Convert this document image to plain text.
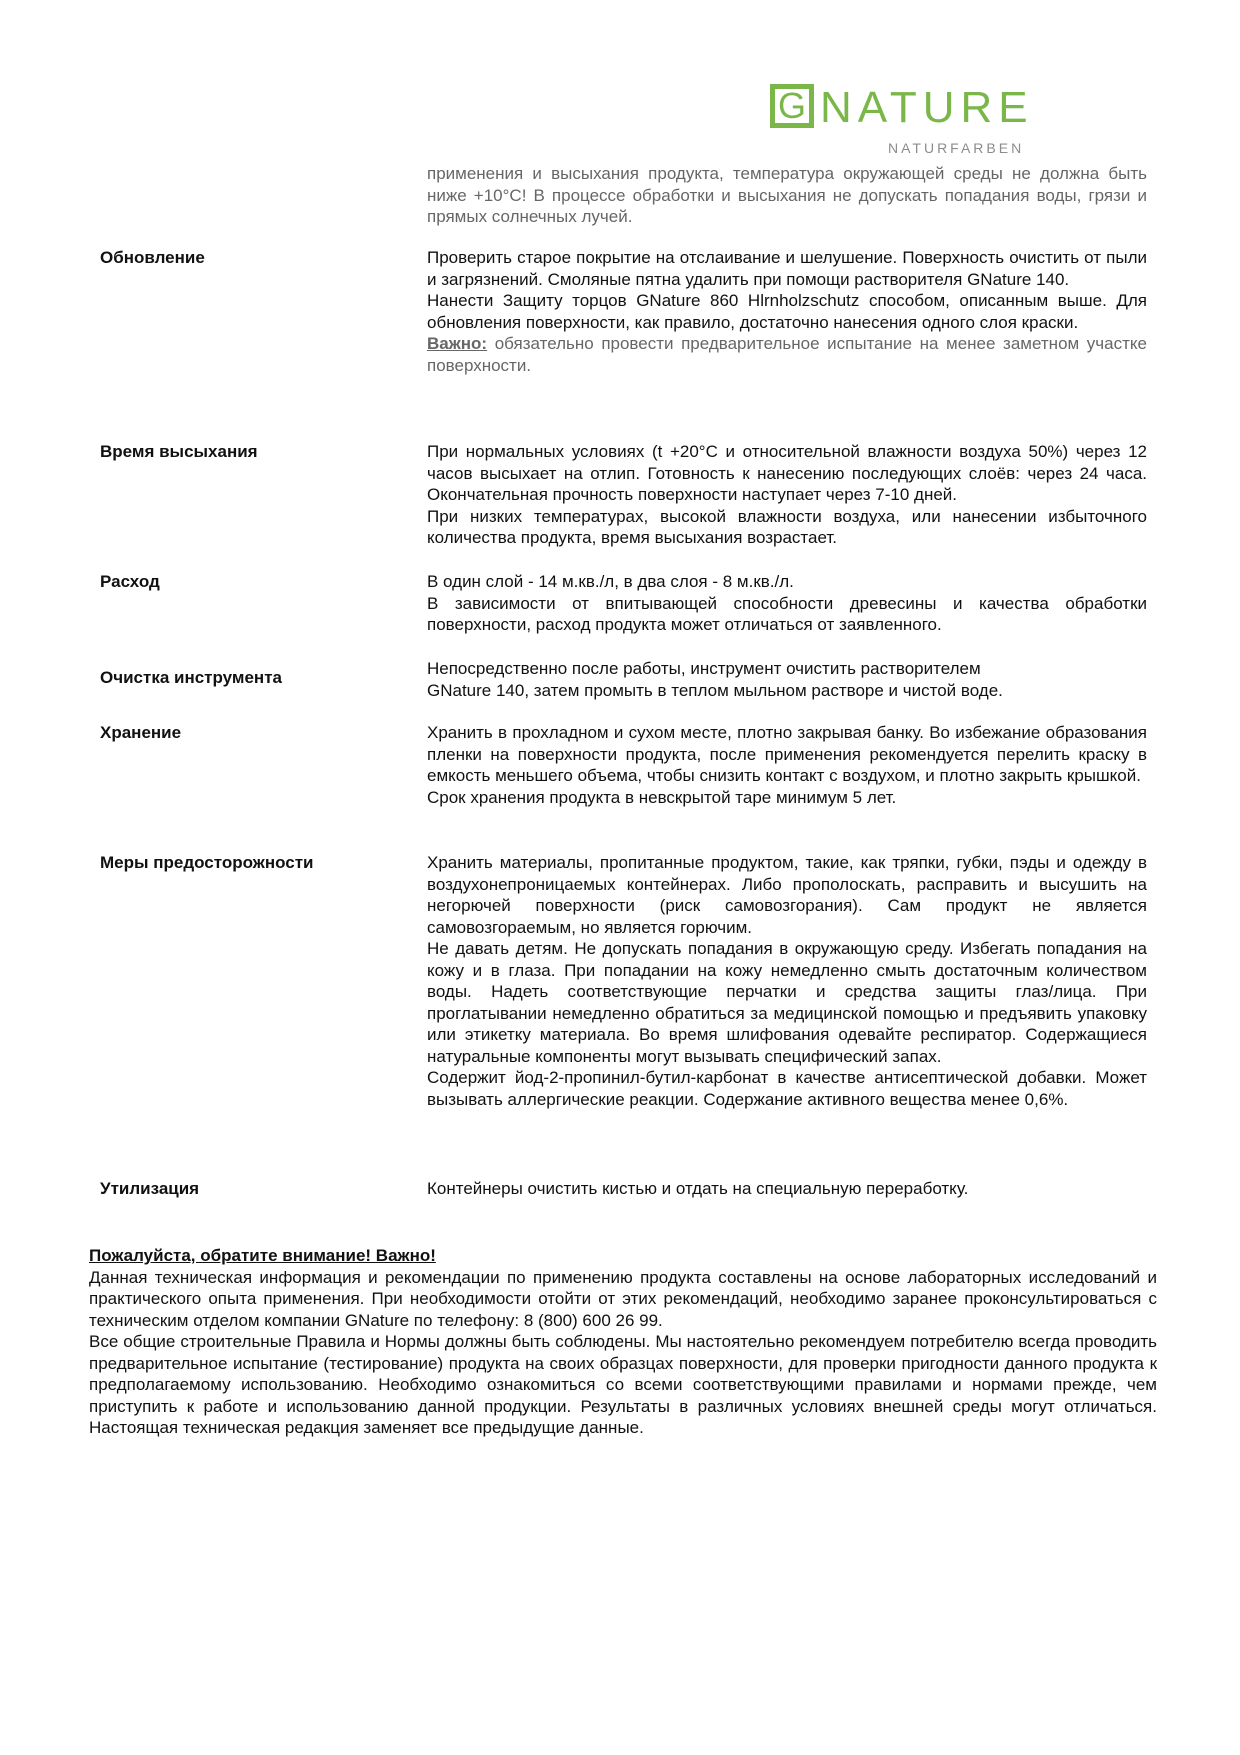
G NATURE
NATURFARBEN
применения и высыхания продукта, температура окружающей среды не должна быть ниже +10°С! В процессе обработки и высыхания не допускать попадания воды, грязи и прямых солнечных лучей.
Обновление	Проверить старое покрытие на отслаивание и шелушение. Поверхность очистить от пыли и загрязнений. Смоляные пятна удалить при помощи растворителя GNature 140.

Нанести Защиту торцов GNature 860 Hlrnholzschutz способом, описанным выше. Для обновления поверхности, как правило, достаточно нанесения одного слоя краски.

Важно: обязательно провести предварительное испытание на менее заметном участке поверхности.

Время высыхания	При нормальных условиях (t +20°С и относительной влажности воздуха 50%) через 12 часов высыхает на отлип. Готовность к нанесению последующих слоёв: через 24 часа. Окончательная прочность поверхности наступает через 7-10 дней.

При низких температурах, высокой влажности воздуха, или нанесении избыточного количества продукта, время высыхания возрастает.

Расход	В один слой - 14 м.кв./л, в два слоя - 8 м.кв./л.

В зависимости от впитывающей способности древесины и качества обработки поверхности, расход продукта может отличаться от заявленного.

Очистка инструмента	Непосредственно после работы, инструмент очистить растворителем

GNature 140, затем промыть в теплом мыльном растворе и чистой воде.

Хранение	Хранить в прохладном и сухом месте, плотно закрывая банку. Во избежание образования пленки на поверхности продукта, после применения рекомендуется перелить краску в емкость меньшего объема, чтобы снизить контакт с воздухом, и плотно закрыть крышкой.

Срок хранения продукта в невскрытой таре минимум 5 лет.

Меры предосторожности	Хранить материалы, пропитанные продуктом, такие, как тряпки, губки, пэды и одежду в воздухонепроницаемых контейнерах. Либо прополоскать, расправить и высушить на негорючей поверхности (риск самовозгорания). Сам продукт не является самовозгораемым, но является горючим.

Не давать детям. Не допускать попадания в окружающую среду. Избегать попадания на кожу и в глаза. При попадании на кожу немедленно смыть достаточным количеством воды. Надеть соответствующие перчатки и средства защиты глаз/лица. При проглатывании немедленно обратиться за медицинской помощью и предъявить упаковку или этикетку материала. Во время шлифования одевайте респиратор. Содержащиеся натуральные компоненты могут вызывать специфический запах.

Содержит йод-2-пропинил-бутил-карбонат в качестве антисептической добавки. Может вызывать аллергические реакции. Содержание активного вещества менее 0,6%.

Утилизация	Контейнеры очистить кистью и отдать на специальную переработку.

Пожалуйста, обратите внимание! Важно!

Данная техническая информация и рекомендации по применению продукта составлены на основе лабораторных исследований и практического опыта применения. При необходимости отойти от этих рекомендаций, необходимо заранее проконсультироваться с техническим отделом компании GNature по телефону: 8 (800) 600 26 99.

Все общие строительные Правила и Нормы должны быть соблюдены. Мы настоятельно рекомендуем потребителю всегда проводить предварительное испытание (тестирование) продукта на своих образцах поверхности, для проверки пригодности данного продукта к предполагаемому использованию. Необходимо ознакомиться со всеми соответствующими правилами и нормами прежде, чем приступить к работе и использованию данной продукции. Результаты в различных условиях внешней среды могут отличаться. Настоящая техническая редакция заменяет все предыдущие данные.
